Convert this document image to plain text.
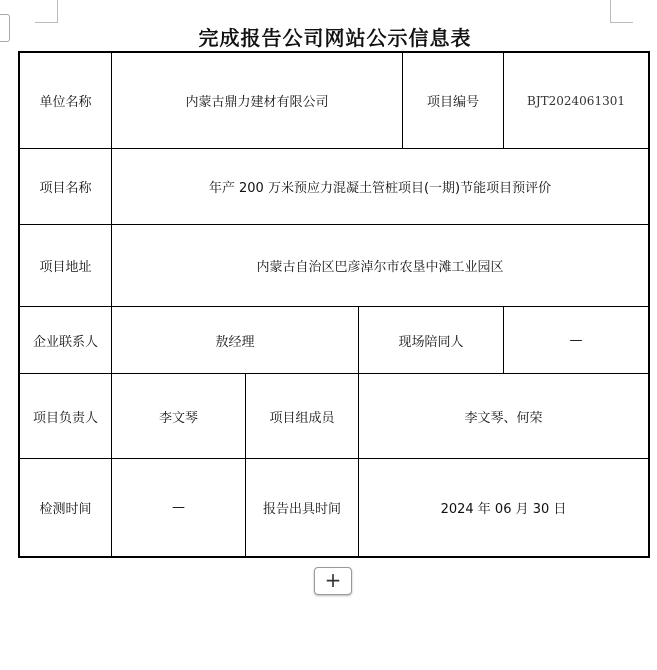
完成报告公司网站公示信息表
单位名称	内蒙古鼎力建材有限公司	项目编号	BJT2024061301
项目名称	年产 200 万米预应力混凝土管桩项目(一期)节能项目预评价
项目地址	内蒙古自治区巴彦淖尔市农垦中滩工业园区
企业联系人	敖经理	现场陪同人	—
项目负责人	李文琴	项目组成员	李文琴、何荣
检测时间	—	报告出具时间	2024 年 06 月 30 日
+
